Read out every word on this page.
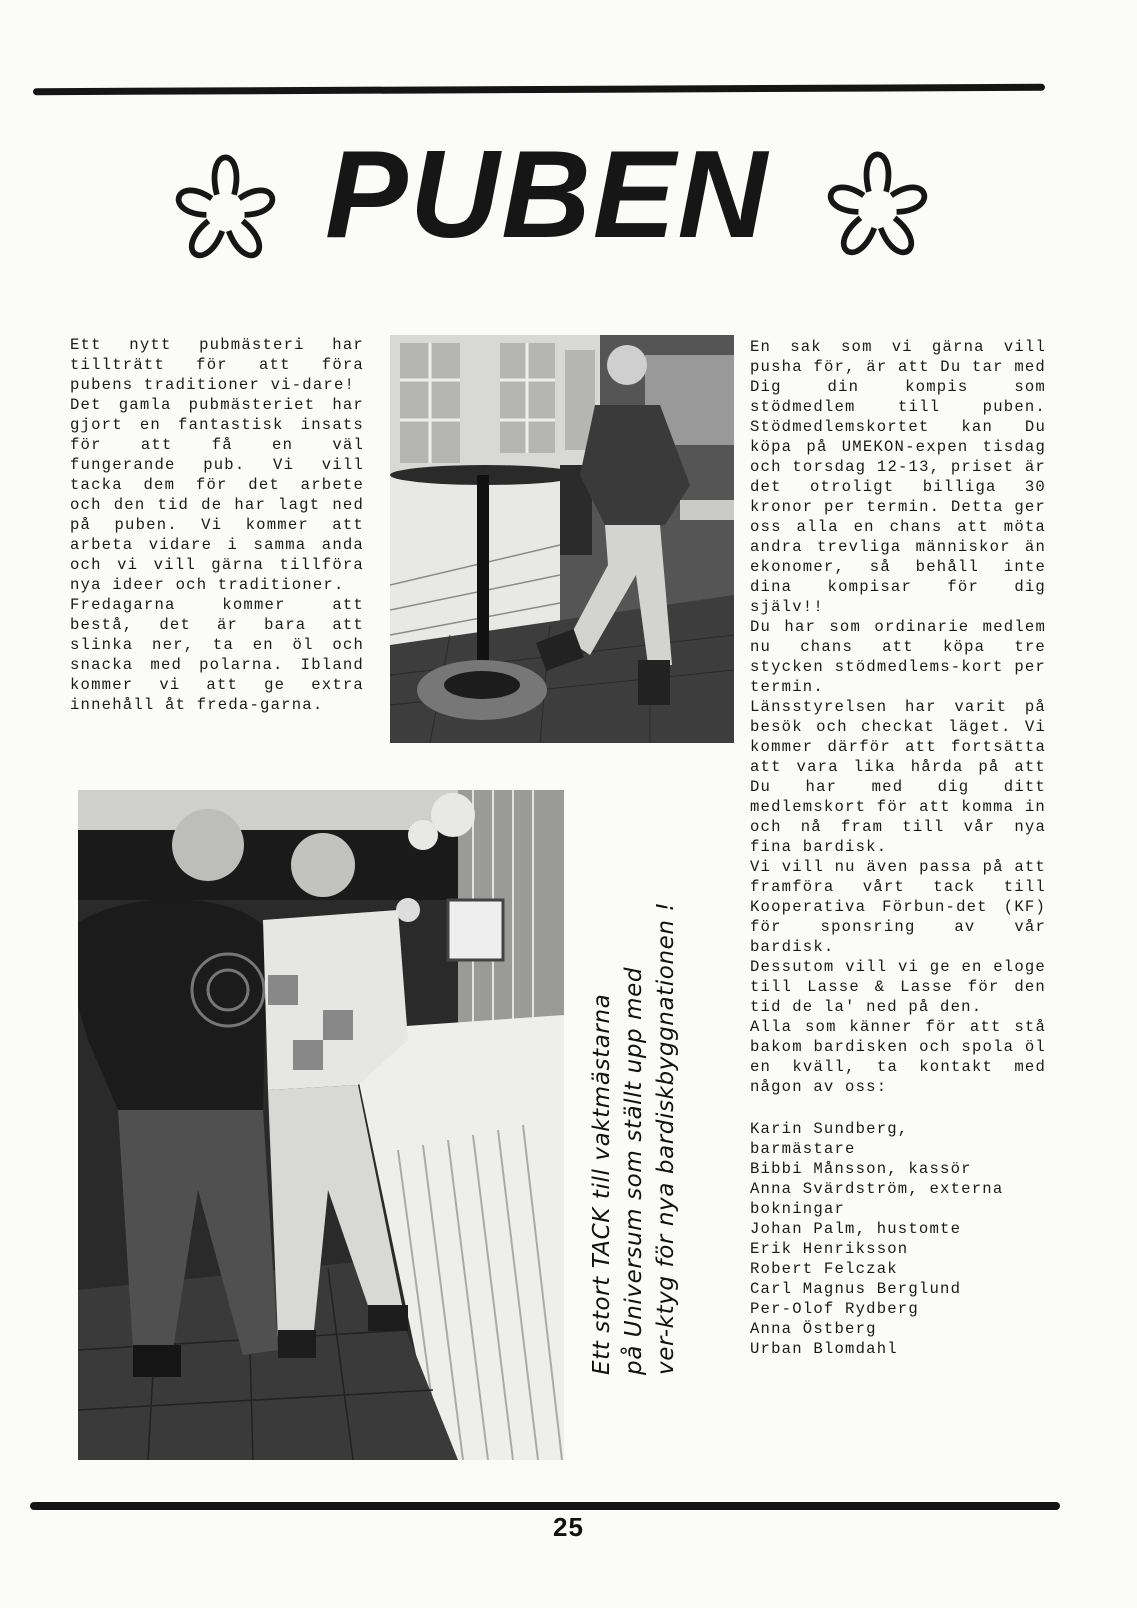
PUBEN

Ett nytt pubmästeri har tillträtt för att föra pubens traditioner vi-dare!

Det gamla pubmästeriet har gjort en fantastisk insats för att få en väl fungerande pub. Vi vill tacka dem för det arbete och den tid de har lagt ned på puben. Vi kommer att arbeta vidare i samma anda och vi vill gärna tillföra nya ideer och traditioner.

Fredagarna kommer att bestå, det är bara att slinka ner, ta en öl och snacka med polarna. Ibland kommer vi att ge extra innehåll åt freda-garna.

Ett stort TACK till vaktmästarna på Universum som ställt upp med ver-ktyg för nya bardiskbyggnationen !

En sak som vi gärna vill pusha för, är att Du tar med Dig din kompis som stödmedlem till puben. Stödmedlemskortet kan Du köpa på UMEKON-expen tisdag och torsdag 12-13, priset är det otroligt billiga 30 kronor per termin. Detta ger oss alla en chans att möta andra trevliga människor än ekonomer, så behåll inte dina kompisar för dig själv!!

Du har som ordinarie medlem nu chans att köpa tre stycken stödmedlems-kort per termin.

Länsstyrelsen har varit på besök och checkat läget. Vi kommer därför att fortsätta att vara lika hårda på att Du har med dig ditt medlemskort för att komma in och nå fram till vår nya fina bardisk.

Vi vill nu även passa på att framföra vårt tack till Kooperativa Förbun-det (KF) för sponsring av vår bardisk.

Dessutom vill vi ge en eloge till Lasse & Lasse för den tid de la' ned på den.

Alla som känner för att stå bakom bardisken och spola öl en kväll, ta kontakt med någon av oss:

Karin Sundberg,
barmästare
Bibbi Månsson, kassör
Anna Svärdström, externa
bokningar
Johan Palm, hustomte
Erik Henriksson
Robert Felczak
Carl Magnus Berglund
Per-Olof Rydberg
Anna Östberg
Urban Blomdahl
25
